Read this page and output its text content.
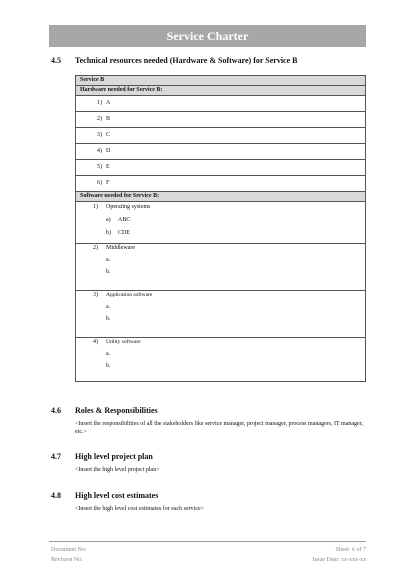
Service Charter
4.5 Technical resources needed (Hardware & Software) for Service B
Service B
Hardware needed for Service B:
1) A
2) B
3) C
4) D
5) E
6) F
Software needed for Service B:

1) Operating systems
a) ABC
b) CDE

2) Middleware
a.
b.

3) Application software
a.
b.

4) Utility software
a.
b.
4.6 Roles & Responsibilities
<Insert the responsibilities of all the stakeholders like service manager, project manager, process managers, IT manager, etc.>
4.7 High level project plan
<Insert the high level project plan>
4.8 High level cost estimates
<Insert the high level cost estimates for each service>
Document No:
Revision No:
Sheet: 6 of 7
Issue Date: xx-xxx-xx
